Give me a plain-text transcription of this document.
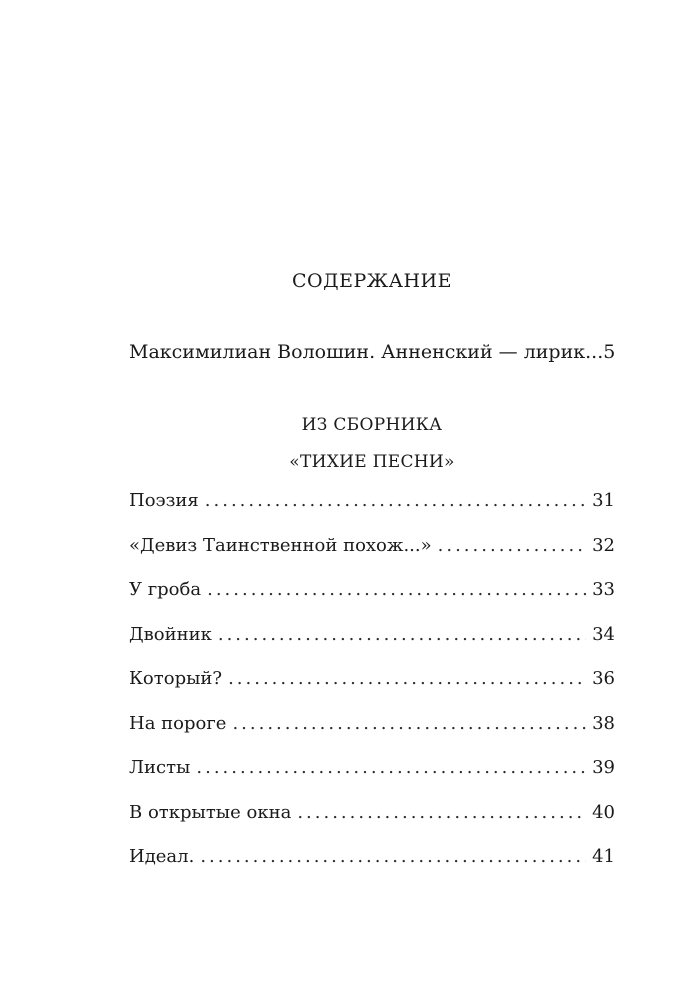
СОДЕРЖАНИЕ
Максимилиан Волошин. Анненский — лирик ...5
ИЗ СБОРНИКА
«ТИХИЕ ПЕСНИ»
Поэзия .....	31
«Девиз Таинственной похож...» .....	32
У гроба .....	33
Двойник .....	34
Который? .....	36
На пороге .....	38
Листы .....	39
В открытые окна .....	40
Идеал. .....	41
